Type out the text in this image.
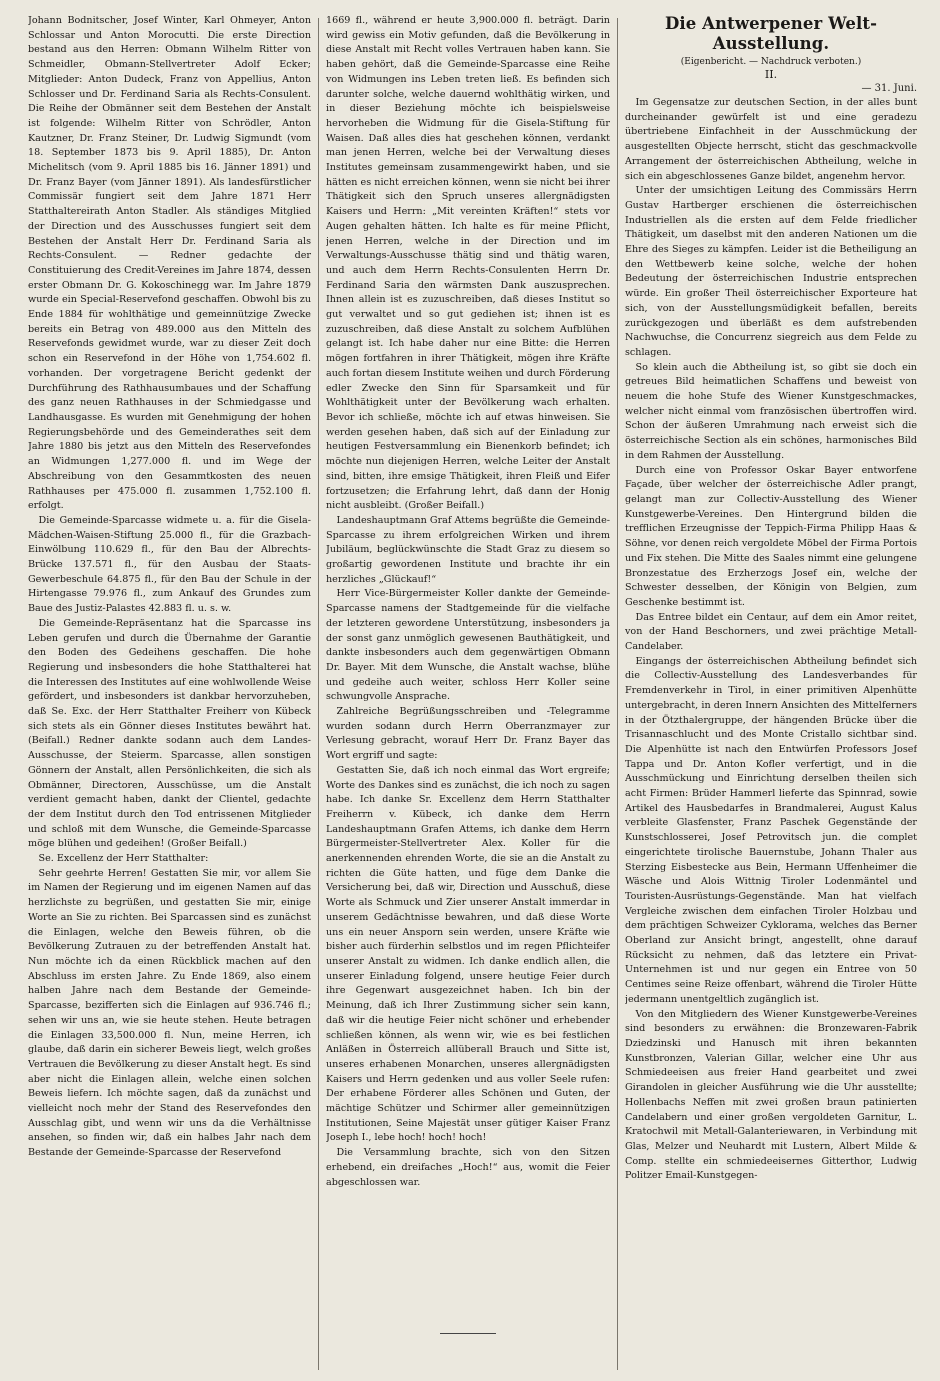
Johann Bodnitscher, Josef Winter, Karl Ohmeyer, Anton Schlossar und Anton Morocutti. Die erste Direction bestand aus den Herren: Obmann Wilhelm Ritter von Schmeidler, Obmann-Stellvertreter Adolf Ecker; Mitglieder: Anton Dudeck, Franz von Appellius, Anton Schlosser und Dr. Ferdinand Saria als Rechts-Consulent. Die Reihe der Obmänner seit dem Bestehen der Anstalt ist folgende: Wilhelm Ritter von Schrödler, Anton Kautzner, Dr. Franz Steiner, Dr. Ludwig Sigmundt (vom 18. September 1873 bis 9. April 1885), Dr. Anton Michelitsch (vom 9. April 1885 bis 16. Jänner 1891) und Dr. Franz Bayer (vom Jänner 1891). Als landesfürstlicher Commissär fungiert seit dem Jahre 1871 Herr Statthaltereirath Anton Stadler. Als ständiges Mitglied der Direction und des Ausschusses fungiert seit dem Bestehen der Anstalt Herr Dr. Ferdinand Saria als Rechts-Consulent. — Redner gedachte der Constituierung des Credit-Vereines im Jahre 1874, dessen erster Obmann Dr. G. Kokoschinegg war. Im Jahre 1879 wurde ein Special-Reservefond geschaffen. Obwohl bis zu Ende 1884 für wohlthätige und gemeinnützige Zwecke bereits ein Betrag von 489.000 aus den Mitteln des Reservefonds gewidmet wurde, war zu dieser Zeit doch schon ein Reservefond in der Höhe von 1,754.602 fl. vorhanden. Der vorgetragene Bericht gedenkt der Durchführung des Rathhausumbaues und der Schaffung des ganz neuen Rathhauses in der Schmiedgasse und Landhausgasse. Es wurden mit Genehmigung der hohen Regierungsbehörde und des Gemeinderathes seit dem Jahre 1880 bis jetzt aus den Mitteln des Reservefondes an Widmungen 1,277.000 fl. und im Wege der Abschreibung von den Gesammtkosten des neuen Rathhauses per 475.000 fl. zusammen 1,752.100 fl. erfolgt.

Die Gemeinde-Sparcasse widmete u. a. für die Gisela-Mädchen-Waisen-Stiftung 25.000 fl., für die Grazbach-Einwölbung 110.629 fl., für den Bau der Albrechts-Brücke 137.571 fl., für den Ausbau der Staats-Gewerbeschule 64.875 fl., für den Bau der Schule in der Hirtengasse 79.976 fl., zum Ankauf des Grundes zum Baue des Justiz-Palastes 42.883 fl. u. s. w.

Die Gemeinde-Repräsentanz hat die Sparcasse ins Leben gerufen und durch die Übernahme der Garantie den Boden des Gedeihens geschaffen. Die hohe Regierung und insbesonders die hohe Statthalterei hat die Interessen des Institutes auf eine wohlwollende Weise gefördert, und insbesonders ist dankbar hervorzuheben, daß Se. Exc. der Herr Statthalter Freiherr von Kübeck sich stets als ein Gönner dieses Institutes bewährt hat. (Beifall.) Redner dankte sodann auch dem Landes-Ausschusse, der Steierm. Sparcasse, allen sonstigen Gönnern der Anstalt, allen Persönlichkeiten, die sich als Obmänner, Directoren, Ausschüsse, um die Anstalt verdient gemacht haben, dankt der Clientel, gedachte der dem Institut durch den Tod entrissenen Mitglieder und schloß mit dem Wunsche, die Gemeinde-Sparcasse möge blühen und gedeihen! (Großer Beifall.)

Se. Excellenz der Herr Statthalter:

Sehr geehrte Herren! Gestatten Sie mir, vor allem Sie im Namen der Regierung und im eigenen Namen auf das herzlichste zu begrüßen, und gestatten Sie mir, einige Worte an Sie zu richten. Bei Sparcassen sind es zunächst die Einlagen, welche den Beweis führen, ob die Bevölkerung Zutrauen zu der betreffenden Anstalt hat. Nun möchte ich da einen Rückblick machen auf den Abschluss im ersten Jahre. Zu Ende 1869, also einem halben Jahre nach dem Bestande der Gemeinde-Sparcasse, bezifferten sich die Einlagen auf 936.746 fl.; sehen wir uns an, wie sie heute stehen. Heute betragen die Einlagen 33,500.000 fl. Nun, meine Herren, ich glaube, daß darin ein sicherer Beweis liegt, welch großes Vertrauen die Bevölkerung zu dieser Anstalt hegt. Es sind aber nicht die Einlagen allein, welche einen solchen Beweis liefern. Ich möchte sagen, daß da zunächst und vielleicht noch mehr der Stand des Reservefondes den Ausschlag gibt, und wenn wir uns da die Verhältnisse ansehen, so finden wir, daß ein halbes Jahr nach dem Bestande der Gemeinde-Sparcasse der Reservefond

1669 fl., während er heute 3,900.000 fl. beträgt. Darin wird gewiss ein Motiv gefunden, daß die Bevölkerung in diese Anstalt mit Recht volles Vertrauen haben kann. Sie haben gehört, daß die Gemeinde-Sparcasse eine Reihe von Widmungen ins Leben treten ließ. Es befinden sich darunter solche, welche dauernd wohlthätig wirken, und in dieser Beziehung möchte ich beispielsweise hervorheben die Widmung für die Gisela-Stiftung für Waisen. Daß alles dies hat geschehen können, verdankt man jenen Herren, welche bei der Verwaltung dieses Institutes gemeinsam zusammengewirkt haben, und sie hätten es nicht erreichen können, wenn sie nicht bei ihrer Thätigkeit sich den Spruch unseres allergnädigsten Kaisers und Herrn: „Mit vereinten Kräften!“ stets vor Augen gehalten hätten. Ich halte es für meine Pflicht, jenen Herren, welche in der Direction und im Verwaltungs-Ausschusse thätig sind und thätig waren, und auch dem Herrn Rechts-Consulenten Herrn Dr. Ferdinand Saria den wärmsten Dank auszusprechen. Ihnen allein ist es zuzuschreiben, daß dieses Institut so gut verwaltet und so gut gediehen ist; ihnen ist es zuzuschreiben, daß diese Anstalt zu solchem Aufblühen gelangt ist. Ich habe daher nur eine Bitte: die Herren mögen fortfahren in ihrer Thätigkeit, mögen ihre Kräfte auch fortan diesem Institute weihen und durch Förderung edler Zwecke den Sinn für Sparsamkeit und für Wohlthätigkeit unter der Bevölkerung wach erhalten. Bevor ich schließe, möchte ich auf etwas hinweisen. Sie werden gesehen haben, daß sich auf der Einladung zur heutigen Festversammlung ein Bienenkorb befindet; ich möchte nun diejenigen Herren, welche Leiter der Anstalt sind, bitten, ihre emsige Thätigkeit, ihren Fleiß und Eifer fortzusetzen; die Erfahrung lehrt, daß dann der Honig nicht ausbleibt. (Großer Beifall.)

Landeshauptmann Graf Attems begrüßte die Gemeinde-Sparcasse zu ihrem erfolgreichen Wirken und ihrem Jubiläum, beglückwünschte die Stadt Graz zu diesem so großartig gewordenen Institute und brachte ihr ein herzliches „Glückauf!“

Herr Vice-Bürgermeister Koller dankte der Gemeinde-Sparcasse namens der Stadtgemeinde für die vielfache der letzteren gewordene Unterstützung, insbesonders ja der sonst ganz unmöglich gewesenen Bauthätigkeit, und dankte insbesonders auch dem gegenwärtigen Obmann Dr. Bayer. Mit dem Wunsche, die Anstalt wachse, blühe und gedeihe auch weiter, schloss Herr Koller seine schwungvolle Ansprache.

Zahlreiche Begrüßungsschreiben und -Telegramme wurden sodann durch Herrn Oberranzmayer zur Verlesung gebracht, worauf Herr Dr. Franz Bayer das Wort ergriff und sagte:

Gestatten Sie, daß ich noch einmal das Wort ergreife; Worte des Dankes sind es zunächst, die ich noch zu sagen habe. Ich danke Sr. Excellenz dem Herrn Statthalter Freiherrn v. Kübeck, ich danke dem Herrn Landeshauptmann Grafen Attems, ich danke dem Herrn Bürgermeister-Stellvertreter Alex. Koller für die anerkennenden ehrenden Worte, die sie an die Anstalt zu richten die Güte hatten, und füge dem Danke die Versicherung bei, daß wir, Direction und Ausschuß, diese Worte als Schmuck und Zier unserer Anstalt immerdar in unserem Gedächtnisse bewahren, und daß diese Worte uns ein neuer Ansporn sein werden, unsere Kräfte wie bisher auch fürderhin selbstlos und im regen Pflichteifer unserer Anstalt zu widmen. Ich danke endlich allen, die unserer Einladung folgend, unsere heutige Feier durch ihre Gegenwart ausgezeichnet haben. Ich bin der Meinung, daß ich Ihrer Zustimmung sicher sein kann, daß wir die heutige Feier nicht schöner und erhebender schließen können, als wenn wir, wie es bei festlichen Anläßen in Österreich allüberall Brauch und Sitte ist, unseres erhabenen Monarchen, unseres allergnädigsten Kaisers und Herrn gedenken und aus voller Seele rufen: Der erhabene Förderer alles Schönen und Guten, der mächtige Schützer und Schirmer aller gemeinnützigen Institutionen, Seine Majestät unser gütiger Kaiser Franz Joseph I., lebe hoch! hoch! hoch!

Die Versammlung brachte, sich von den Sitzen erhebend, ein dreifaches „Hoch!“ aus, womit die Feier abgeschlossen war.

Die Antwerpener Welt-Ausstellung.

(Eigenbericht. — Nachdruck verboten.)

II.

— 31. Juni.

Im Gegensatze zur deutschen Section, in der alles bunt durcheinander gewürfelt ist und eine geradezu übertriebene Einfachheit in der Ausschmückung der ausgestellten Objecte herrscht, sticht das geschmackvolle Arrangement der österreichischen Abtheilung, welche in sich ein abgeschlossenes Ganze bildet, angenehm hervor.

Unter der umsichtigen Leitung des Commissärs Herrn Gustav Hartberger erschienen die österreichischen Industriellen als die ersten auf dem Felde friedlicher Thätigkeit, um daselbst mit den anderen Nationen um die Ehre des Sieges zu kämpfen. Leider ist die Betheiligung an den Wettbewerb keine solche, welche der hohen Bedeutung der österreichischen Industrie entsprechen würde. Ein großer Theil österreichischer Exporteure hat sich, von der Ausstellungsmüdigkeit befallen, bereits zurückgezogen und überläßt es dem aufstrebenden Nachwuchse, die Concurrenz siegreich aus dem Felde zu schlagen.

So klein auch die Abtheilung ist, so gibt sie doch ein getreues Bild heimatlichen Schaffens und beweist von neuem die hohe Stufe des Wiener Kunstgeschmackes, welcher nicht einmal vom französischen übertroffen wird. Schon der äußeren Umrahmung nach erweist sich die österreichische Section als ein schönes, harmonisches Bild in dem Rahmen der Ausstellung.

Durch eine von Professor Oskar Bayer entworfene Façade, über welcher der österreichische Adler prangt, gelangt man zur Collectiv-Ausstellung des Wiener Kunstgewerbe-Vereines. Den Hintergrund bilden die trefflichen Erzeugnisse der Teppich-Firma Philipp Haas & Söhne, vor denen reich vergoldete Möbel der Firma Portois und Fix stehen. Die Mitte des Saales nimmt eine gelungene Bronzestatue des Erzherzogs Josef ein, welche der Schwester desselben, der Königin von Belgien, zum Geschenke bestimmt ist.

Das Entree bildet ein Centaur, auf dem ein Amor reitet, von der Hand Beschorners, und zwei prächtige Metall-Candelaber.

Eingangs der österreichischen Abtheilung befindet sich die Collectiv-Ausstellung des Landesverbandes für Fremdenverkehr in Tirol, in einer primitiven Alpenhütte untergebracht, in deren Innern Ansichten des Mittelferners in der Ötzthalergruppe, der hängenden Brücke über die Trisannaschlucht und des Monte Cristallo sichtbar sind. Die Alpenhütte ist nach den Entwürfen Professors Josef Tappa und Dr. Anton Kofler verfertigt, und in die Ausschmückung und Einrichtung derselben theilen sich acht Firmen: Brüder Hammerl lieferte das Spinnrad, sowie Artikel des Hausbedarfes in Brandmalerei, August Kalus verbleite Glasfenster, Franz Paschek Gegenstände der Kunstschlosserei, Josef Petrovitsch jun. die complet eingerichtete tirolische Bauernstube, Johann Thaler aus Sterzing Eisbestecke aus Bein, Hermann Uffenheimer die Wäsche und Alois Wittnig Tiroler Lodenmäntel und Touristen-Ausrüstungs-Gegenstände. Man hat vielfach Vergleiche zwischen dem einfachen Tiroler Holzbau und dem prächtigen Schweizer Cyklorama, welches das Berner Oberland zur Ansicht bringt, angestellt, ohne darauf Rücksicht zu nehmen, daß das letztere ein Privat-Unternehmen ist und nur gegen ein Entree von 50 Centimes seine Reize offenbart, während die Tiroler Hütte jedermann unentgeltlich zugänglich ist.

Von den Mitgliedern des Wiener Kunstgewerbe-Vereines sind besonders zu erwähnen: die Bronzewaren-Fabrik Dziedzinski und Hanusch mit ihren bekannten Kunstbronzen, Valerian Gillar, welcher eine Uhr aus Schmiedeeisen aus freier Hand gearbeitet und zwei Girandolen in gleicher Ausführung wie die Uhr ausstellte; Hollenbachs Neffen mit zwei großen braun patinierten Candelabern und einer großen vergoldeten Garnitur, L. Kratochwil mit Metall-Galanteriewaren, in Verbindung mit Glas, Melzer und Neuhardt mit Lustern, Albert Milde & Comp. stellte ein schmiedeeisernes Gitterthor, Ludwig Politzer Email-Kunstgegen-
